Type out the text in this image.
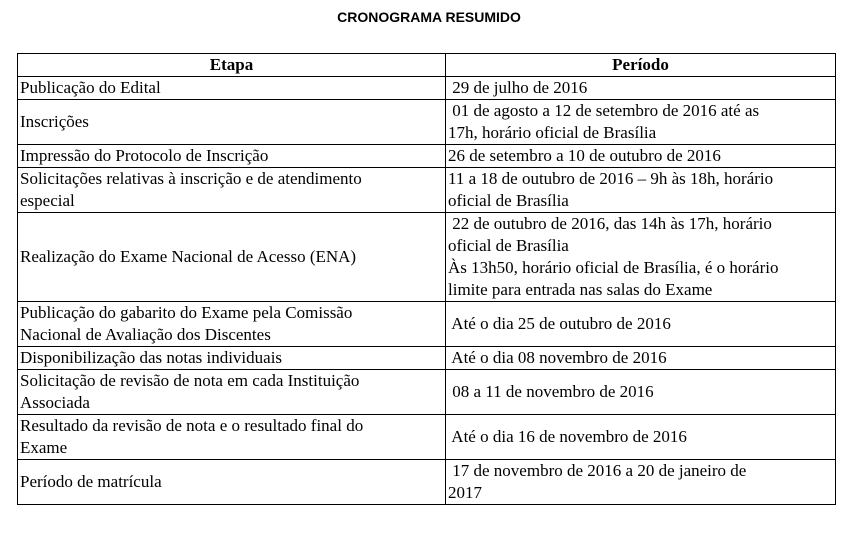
CRONOGRAMA RESUMIDO
Etapa	Período

Publicação do Edital	29 de julho de 2016

Inscrições	01 de agosto a 12 de setembro de 2016 até as
17h, horário oficial de Brasília

Impressão do Protocolo de Inscrição	26 de setembro a 10 de outubro de 2016

Solicitações relativas à inscrição e de atendimento
especial	11 a 18 de outubro de 2016 – 9h às 18h, horário
oficial de Brasília

Realização do Exame Nacional de Acesso (ENA)	22 de outubro de 2016, das 14h às 17h, horário
oficial de Brasília
Às 13h50, horário oficial de Brasília, é o horário
limite para entrada nas salas do Exame

Publicação do gabarito do Exame pela Comissão
Nacional de Avaliação dos Discentes	Até o dia 25 de outubro de 2016

Disponibilização das notas individuais	Até o dia 08 novembro de 2016

Solicitação de revisão de nota em cada Instituição
Associada	08 a 11 de novembro de 2016

Resultado da revisão de nota e o resultado final do
Exame	Até o dia 16 de novembro de 2016

Período de matrícula	17 de novembro de 2016 a 20 de janeiro de
2017
